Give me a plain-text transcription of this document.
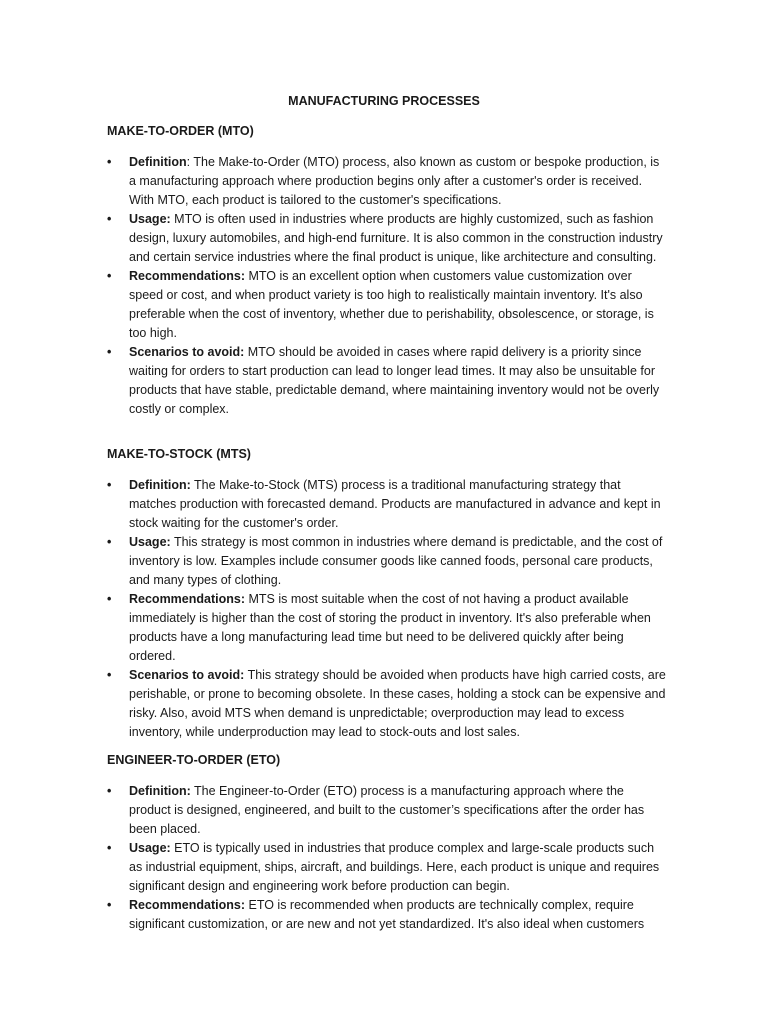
MANUFACTURING PROCESSES
MAKE-TO-ORDER (MTO)
• Definition: The Make-to-Order (MTO) process, also known as custom or bespoke production, is a manufacturing approach where production begins only after a customer's order is received. With MTO, each product is tailored to the customer's specifications.
• Usage: MTO is often used in industries where products are highly customized, such as fashion design, luxury automobiles, and high-end furniture. It is also common in the construction industry and certain service industries where the final product is unique, like architecture and consulting.
• Recommendations: MTO is an excellent option when customers value customization over speed or cost, and when product variety is too high to realistically maintain inventory. It's also preferable when the cost of inventory, whether due to perishability, obsolescence, or storage, is too high.
• Scenarios to avoid: MTO should be avoided in cases where rapid delivery is a priority since waiting for orders to start production can lead to longer lead times. It may also be unsuitable for products that have stable, predictable demand, where maintaining inventory would not be overly costly or complex.
MAKE-TO-STOCK (MTS)
• Definition: The Make-to-Stock (MTS) process is a traditional manufacturing strategy that matches production with forecasted demand. Products are manufactured in advance and kept in stock waiting for the customer's order.
• Usage: This strategy is most common in industries where demand is predictable, and the cost of inventory is low. Examples include consumer goods like canned foods, personal care products, and many types of clothing.
• Recommendations: MTS is most suitable when the cost of not having a product available immediately is higher than the cost of storing the product in inventory. It's also preferable when products have a long manufacturing lead time but need to be delivered quickly after being ordered.
• Scenarios to avoid: This strategy should be avoided when products have high carried costs, are perishable, or prone to becoming obsolete. In these cases, holding a stock can be expensive and risky. Also, avoid MTS when demand is unpredictable; overproduction may lead to excess inventory, while underproduction may lead to stock-outs and lost sales.
ENGINEER-TO-ORDER (ETO)
• Definition: The Engineer-to-Order (ETO) process is a manufacturing approach where the product is designed, engineered, and built to the customer’s specifications after the order has been placed.
• Usage: ETO is typically used in industries that produce complex and large-scale products such as industrial equipment, ships, aircraft, and buildings. Here, each product is unique and requires significant design and engineering work before production can begin.
• Recommendations: ETO is recommended when products are technically complex, require significant customization, or are new and not yet standardized. It's also ideal when customers
